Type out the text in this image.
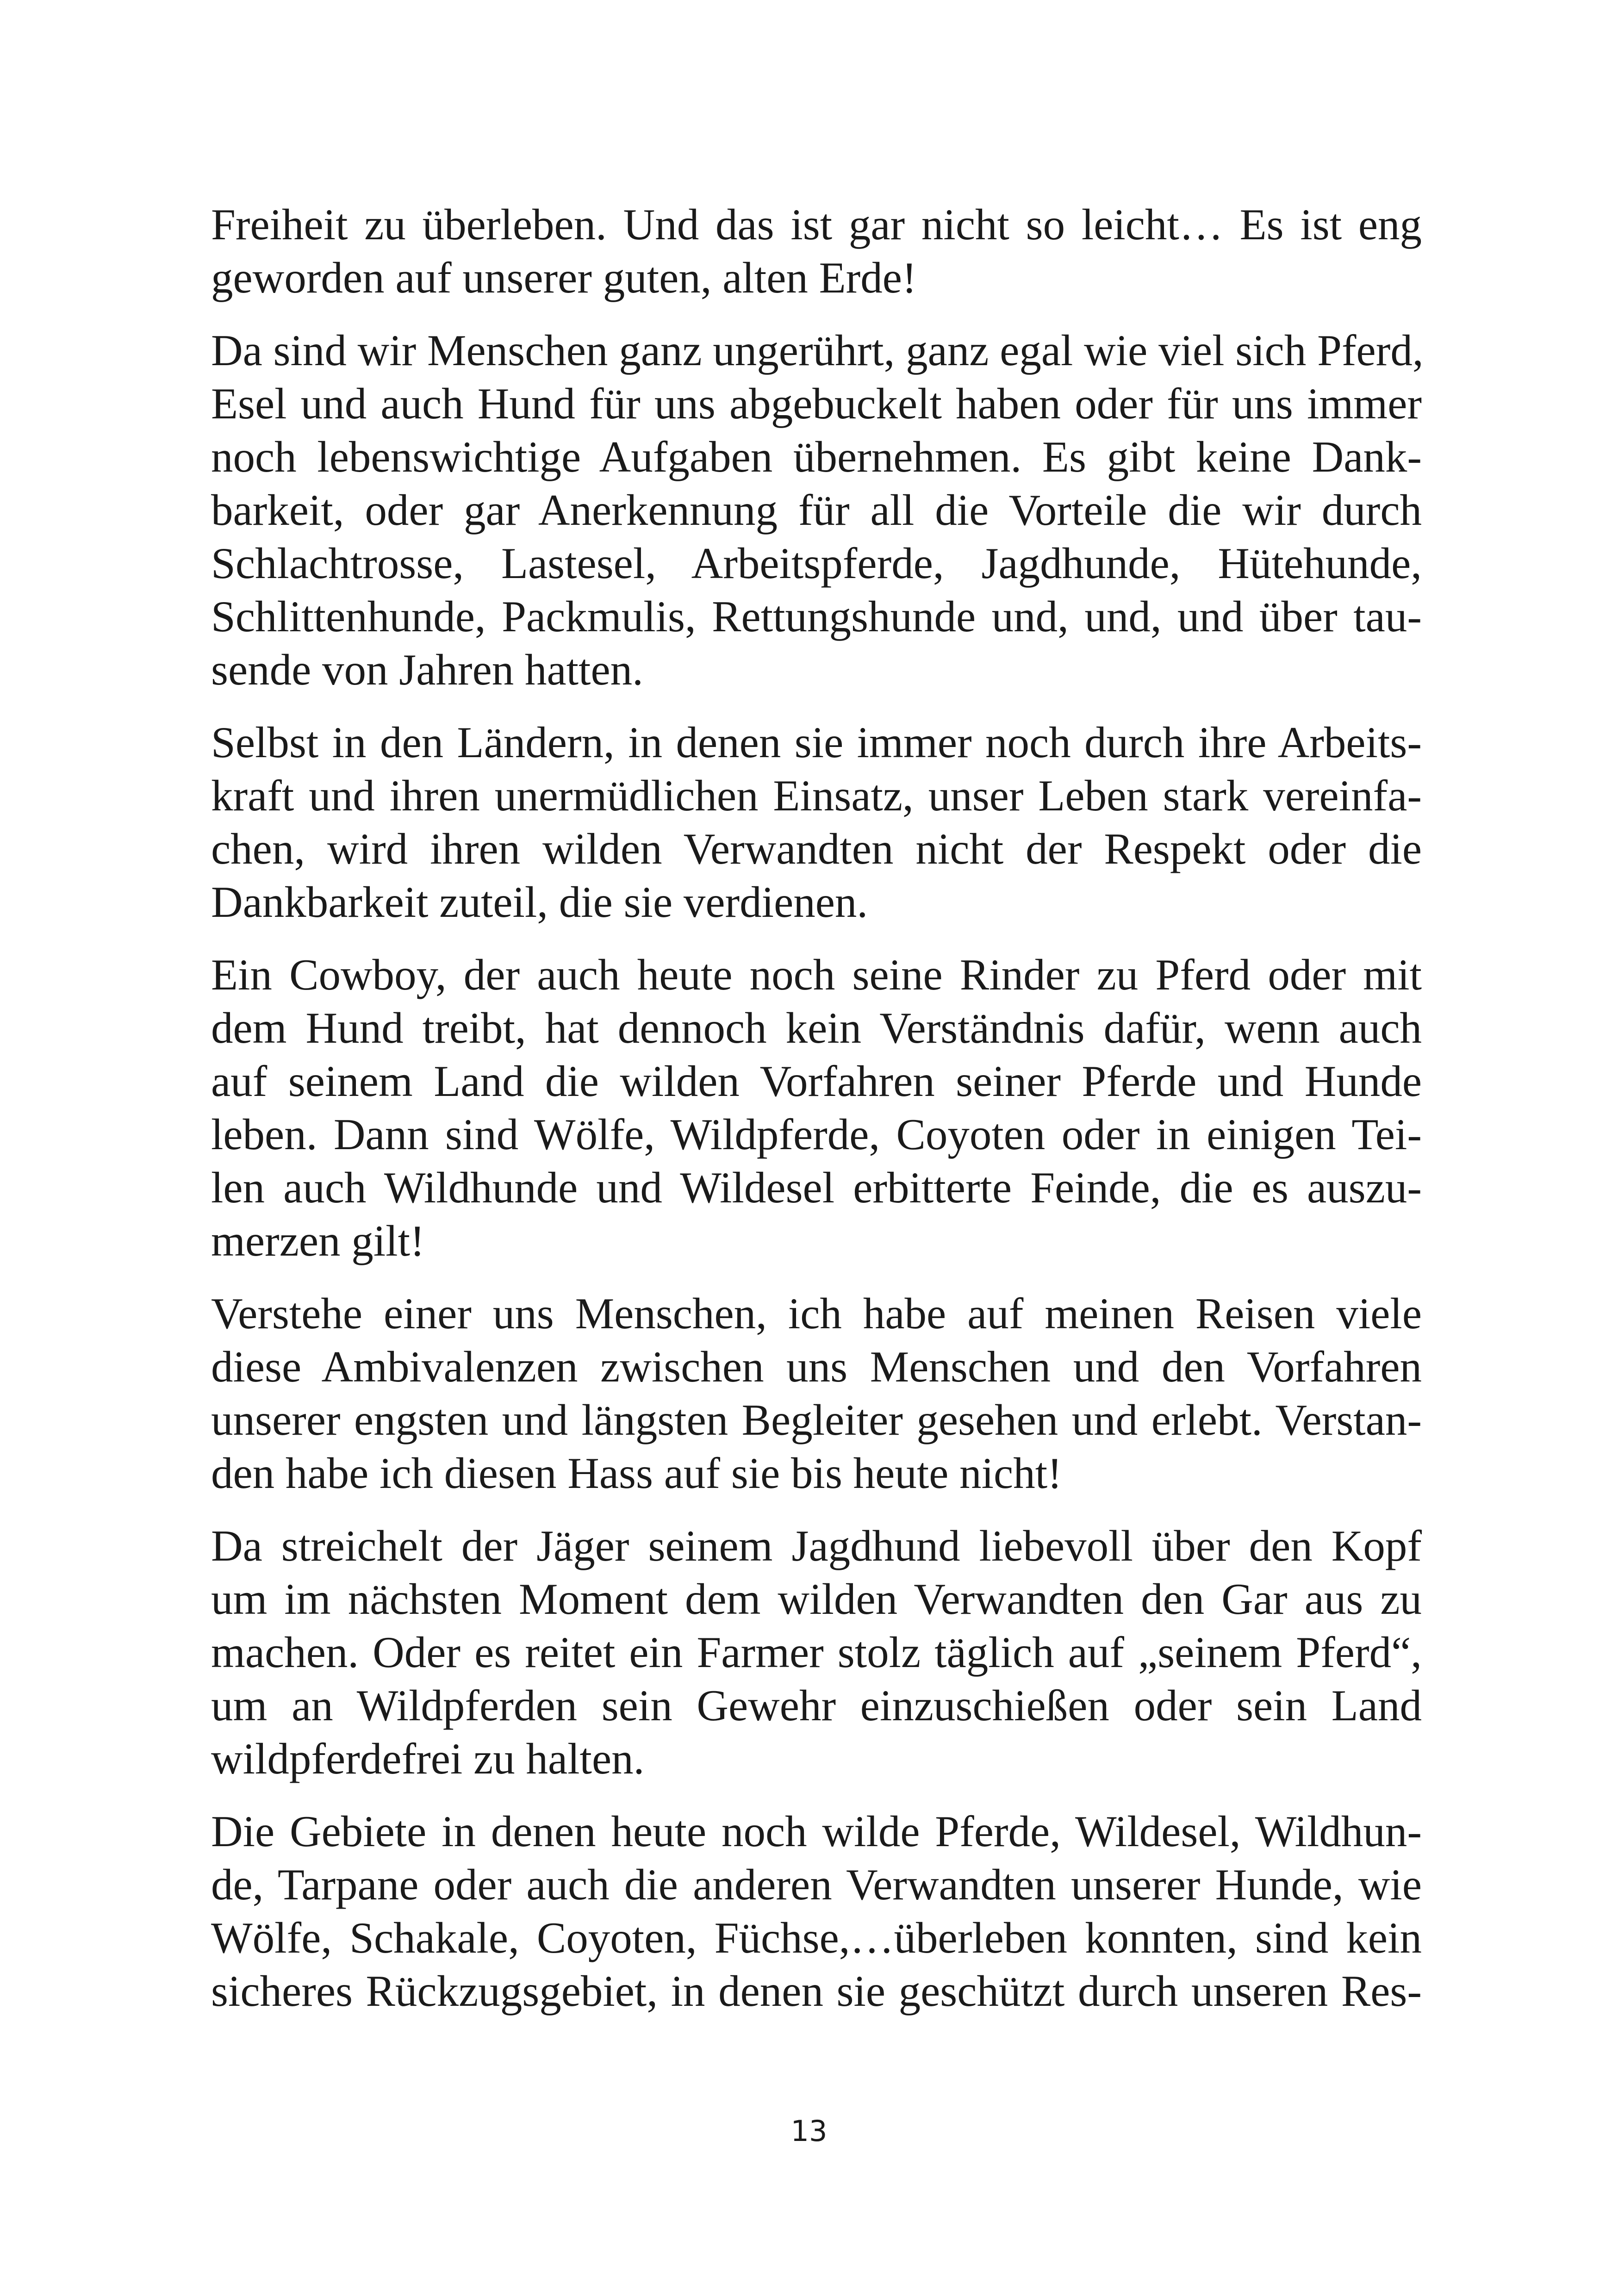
Freiheit zu überleben. Und das ist gar nicht so leicht… Es ist eng
geworden auf unserer guten, alten Erde!

Da sind wir Menschen ganz ungerührt, ganz egal wie viel sich Pferd,
Esel und auch Hund für uns abgebuckelt haben oder für uns immer
noch lebenswichtige Aufgaben übernehmen. Es gibt keine Dank-
barkeit, oder gar Anerkennung für all die Vorteile die wir durch
Schlachtrosse, Lastesel, Arbeitspferde, Jagdhunde, Hütehunde,
Schlittenhunde, Packmulis, Rettungshunde und, und, und über tau-
sende von Jahren hatten.

Selbst in den Ländern, in denen sie immer noch durch ihre Arbeits-
kraft und ihren unermüdlichen Einsatz, unser Leben stark vereinfa-
chen, wird ihren wilden Verwandten nicht der Respekt oder die
Dankbarkeit zuteil, die sie verdienen.

Ein Cowboy, der auch heute noch seine Rinder zu Pferd oder mit
dem Hund treibt, hat dennoch kein Verständnis dafür, wenn auch
auf seinem Land die wilden Vorfahren seiner Pferde und Hunde
leben. Dann sind Wölfe, Wildpferde, Coyoten oder in einigen Tei-
len auch Wildhunde und Wildesel erbitterte Feinde, die es auszu-
merzen gilt!

Verstehe einer uns Menschen, ich habe auf meinen Reisen viele
diese Ambivalenzen zwischen uns Menschen und den Vorfahren
unserer engsten und längsten Begleiter gesehen und erlebt. Verstan-
den habe ich diesen Hass auf sie bis heute nicht!

Da streichelt der Jäger seinem Jagdhund liebevoll über den Kopf
um im nächsten Moment dem wilden Verwandten den Gar aus zu
machen. Oder es reitet ein Farmer stolz täglich auf „seinem Pferd“,
um an Wildpferden sein Gewehr einzuschießen oder sein Land
wildpferdefrei zu halten.

Die Gebiete in denen heute noch wilde Pferde, Wildesel, Wildhun-
de, Tarpane oder auch die anderen Verwandten unserer Hunde, wie
Wölfe, Schakale, Coyoten, Füchse,…überleben konnten, sind kein
sicheres Rückzugsgebiet, in denen sie geschützt durch unseren Res-

13
